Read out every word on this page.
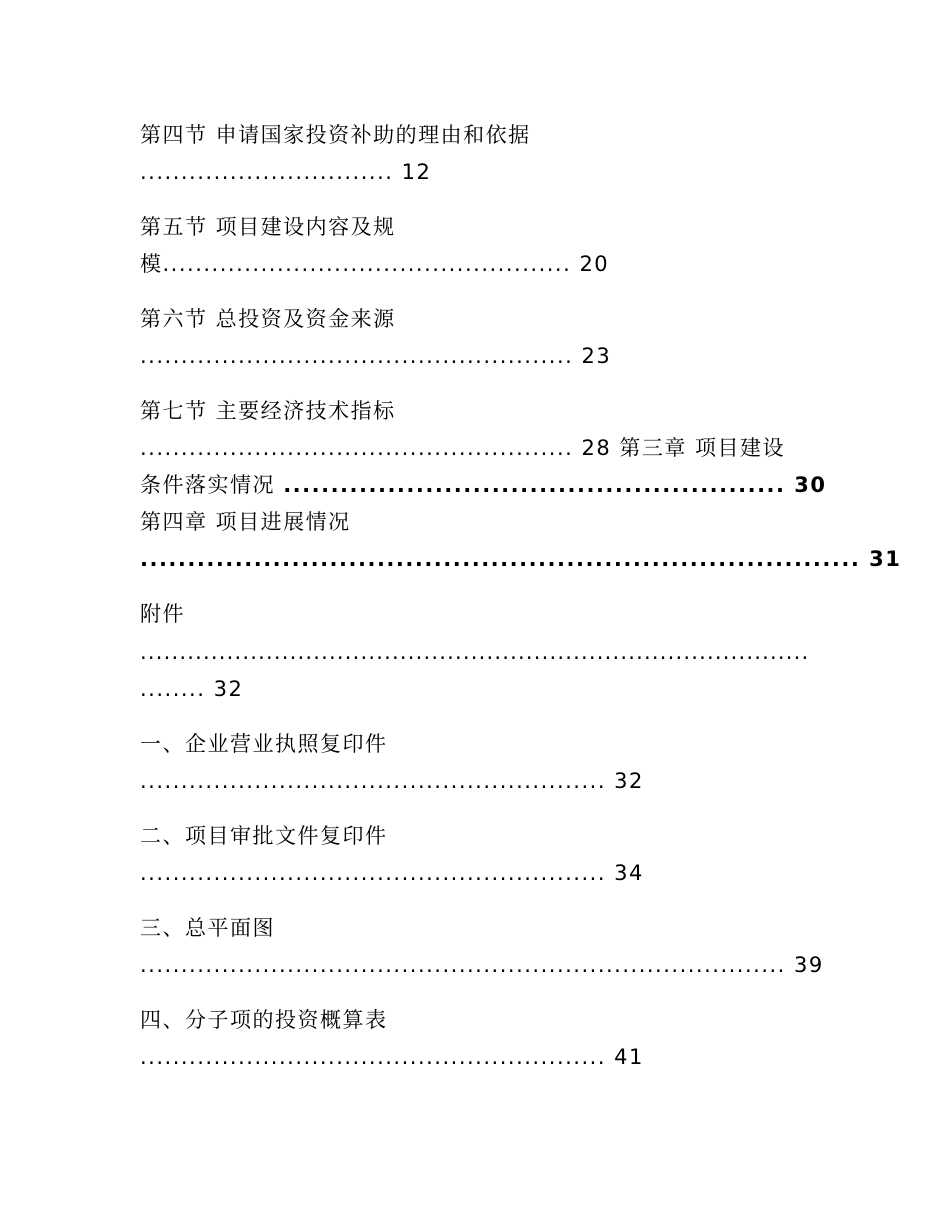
第四节 申请国家投资补助的理由和依据
............................... 12
第五节 项目建设内容及规
模.................................................. 20
第六节 总投资及资金来源
..................................................... 23
第七节 主要经济技术指标
..................................................... 28 第三章 项目建设
条件落实情况 ..................................................... 30
第四章 项目进展情况
............................................................................ 31
附件
.....................................................................................
........ 32
一、企业营业执照复印件
......................................................... 32
二、项目审批文件复印件
......................................................... 34
三、总平面图
............................................................................... 39
四、分子项的投资概算表
......................................................... 41
